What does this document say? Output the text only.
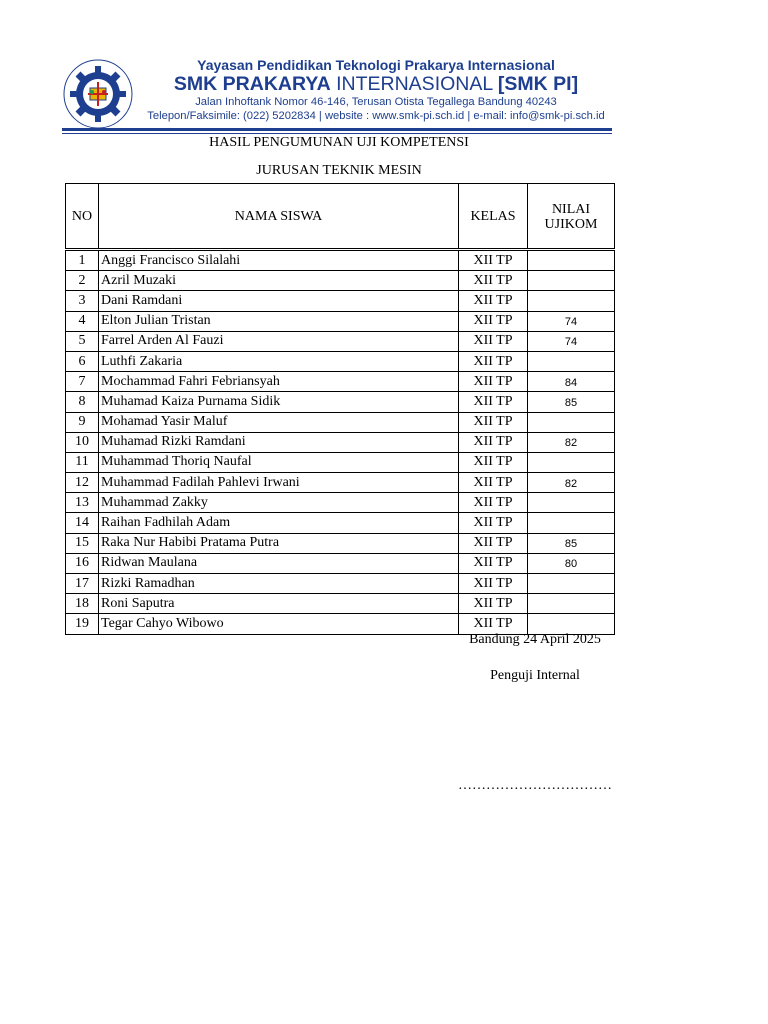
Yayasan Pendidikan Teknologi Prakarya Internasional
SMK PRAKARYA INTERNASIONAL [SMK PI]
Jalan Inhoftank Nomor 46-146, Terusan Otista Tegallega Bandung 40243
Telepon/Faksimile: (022) 5202834 | website : www.smk-pi.sch.id | e-mail: info@smk-pi.sch.id
HASIL PENGUMUNAN UJI KOMPETENSI
JURUSAN TEKNIK MESIN
NO	NAMA SISWA	KELAS	NILAI
UJIKOM
1	Anggi Francisco Silalahi	XII TP	
2	Azril Muzaki	XII TP	
3	Dani Ramdani	XII TP	
4	Elton Julian Tristan	XII TP	74
5	Farrel Arden Al Fauzi	XII TP	74
6	Luthfi Zakaria	XII TP	
7	Mochammad Fahri Febriansyah	XII TP	84
8	Muhamad Kaiza Purnama Sidik	XII TP	85
9	Mohamad Yasir Maluf	XII TP	
10	Muhamad Rizki Ramdani	XII TP	82
11	Muhammad Thoriq Naufal	XII TP	
12	Muhammad Fadilah Pahlevi Irwani	XII TP	82
13	Muhammad Zakky	XII TP	
14	Raihan Fadhilah Adam	XII TP	
15	Raka Nur Habibi Pratama Putra	XII TP	85
16	Ridwan Maulana	XII TP	80
17	Rizki Ramadhan	XII TP	
18	Roni Saputra	XII TP	
19	Tegar Cahyo Wibowo	XII TP	
Bandung 24 April 2025
Penguji Internal
……………………………
